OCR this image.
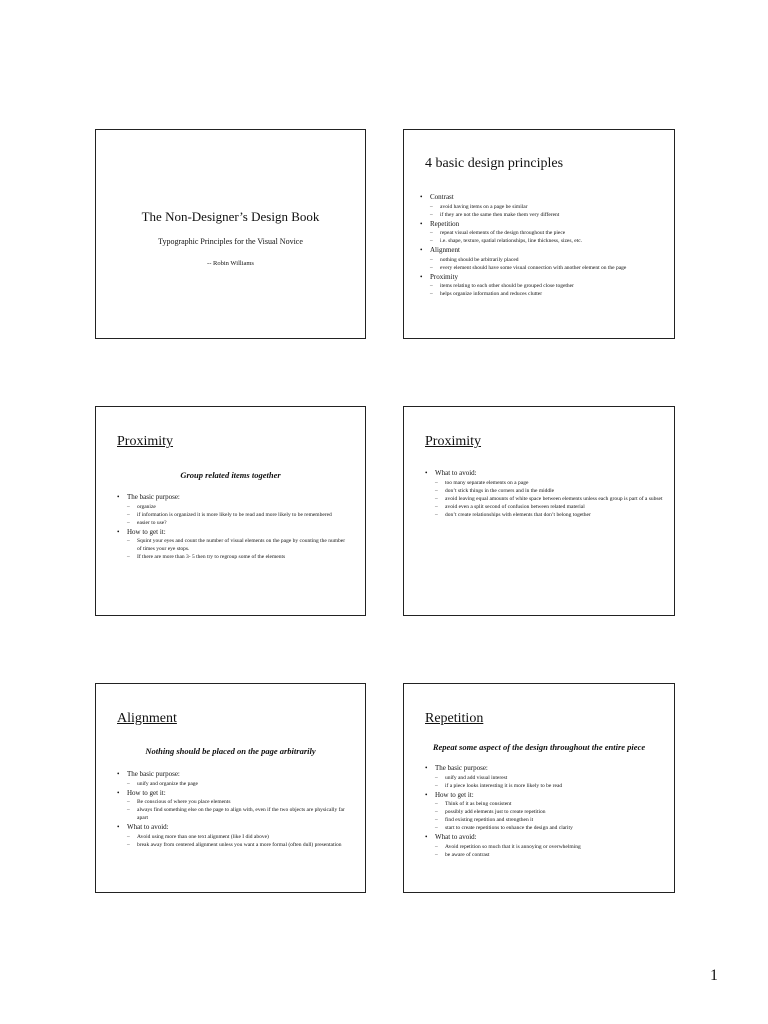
The Non-Designer’s Design Book
Typographic Principles for the Visual Novice
-- Robin Williams
4 basic design principles
• Contrast
– avoid having items on a page be similar
– if they are not the same then make them very different
• Repetition
– repeat visual elements of the design throughout the piece
– i.e. shape, texture, spatial relationships, line thickness, sizes, etc.
• Alignment
– nothing should be arbitrarily placed
– every element should have some visual connection with another element on the page
• Proximity
– items relating to each other should be grouped close together
– helps organize information and reduces clutter
Proximity
Group related items together
• The basic purpose:
– organize
– if information is organized it is more likely to be read and more likely to be remembered
– easier to use?
• How to get it:
– Squint your eyes and count the number of visual elements on the page by counting the number of times your eye stops.
– If there are more than 3- 5 then try to regroup some of the elements
Proximity
• What to avoid:
– too many separate elements on a page
– don’t stick things in the corners and in the middle
– avoid leaving equal amounts of white space between elements unless each group is part of a subset
– avoid even a split second of confusion between related material
– don’t create relationships with elements that don’t belong together
Alignment
Nothing should be placed on the page arbitrarily
• The basic purpose:
– unify and organize the page
• How to get it:
– Be conscious of where you place elements
– always find something else on the page to align with, even if the two objects are physically far apart
• What to avoid:
– Avoid using more than one text alignment (like I did above)
– break away from centered alignment unless you want a more formal (often dull) presentation
Repetition
Repeat some aspect of the design throughout the entire piece
• The basic purpose:
– unify and add visual interest
– if a piece looks interesting it is more likely to be read
• How to get it:
– Think of it as being consistent
– possibly add elements just to create repetition
– find existing repetition and strengthen it
– start to create repetitions to enhance the design and clarity
• What to avoid:
– Avoid repetition so much that it is annoying or overwhelming
– be aware of contrast
1
